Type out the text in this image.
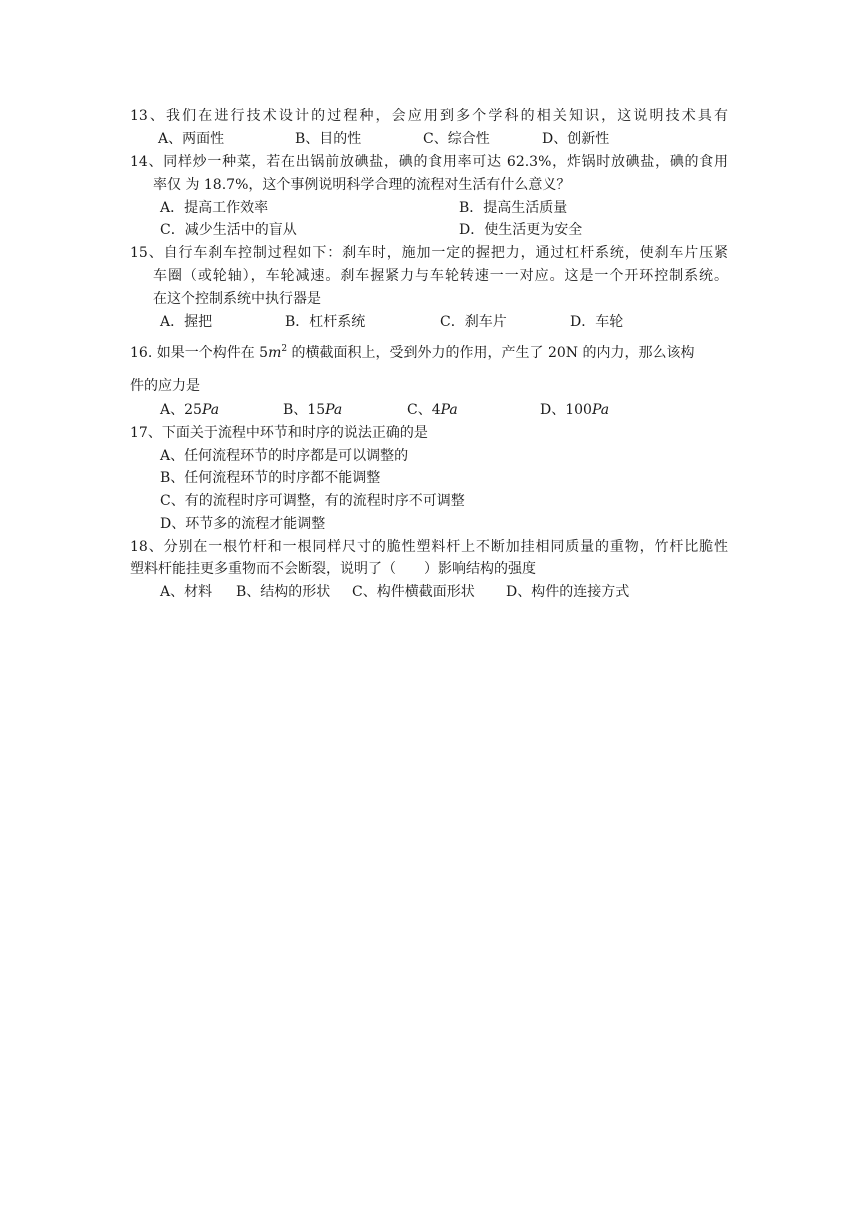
13、我们在进行技术设计的过程种，会应用到多个学科的相关知识，这说明技术具有
A、两面性	B、目的性	C、综合性	D、创新性
14、同样炒一种菜，若在出锅前放碘盐，碘的食用率可达 62.3%，炸锅时放碘盐，碘的食用
率仅 为 18.7%，这个事例说明科学合理的流程对生活有什么意义？
A．提高工作效率	B．提高生活质量
C．减少生活中的盲从	D．使生活更为安全
15、自行车刹车控制过程如下：刹车时，施加一定的握把力，通过杠杆系统，使刹车片压紧
车圈（或轮轴），车轮减速。刹车握紧力与车轮转速一一对应。这是一个开环控制系统。
在这个控制系统中执行器是
A．握把	B．杠杆系统	C．刹车片	D．车轮
16. 如果一个构件在 $5m^2$ 的横截面积上，受到外力的作用，产生了 20N 的内力，那么该构
件的应力是
A、25Pa	B、15Pa	C、4Pa	D、100Pa
17、下面关于流程中环节和时序的说法正确的是
A、任何流程环节的时序都是可以调整的
B、任何流程环节的时序都不能调整
C、有的流程时序可调整，有的流程时序不可调整
D、环节多的流程才能调整
18、分别在一根竹杆和一根同样尺寸的脆性塑料杆上不断加挂相同质量的重物，竹杆比脆性
塑料杆能挂更多重物而不会断裂，说明了（　　）影响结构的强度
A、材料 B、结构的形状 C、构件横截面形状 D、构件的连接方式
